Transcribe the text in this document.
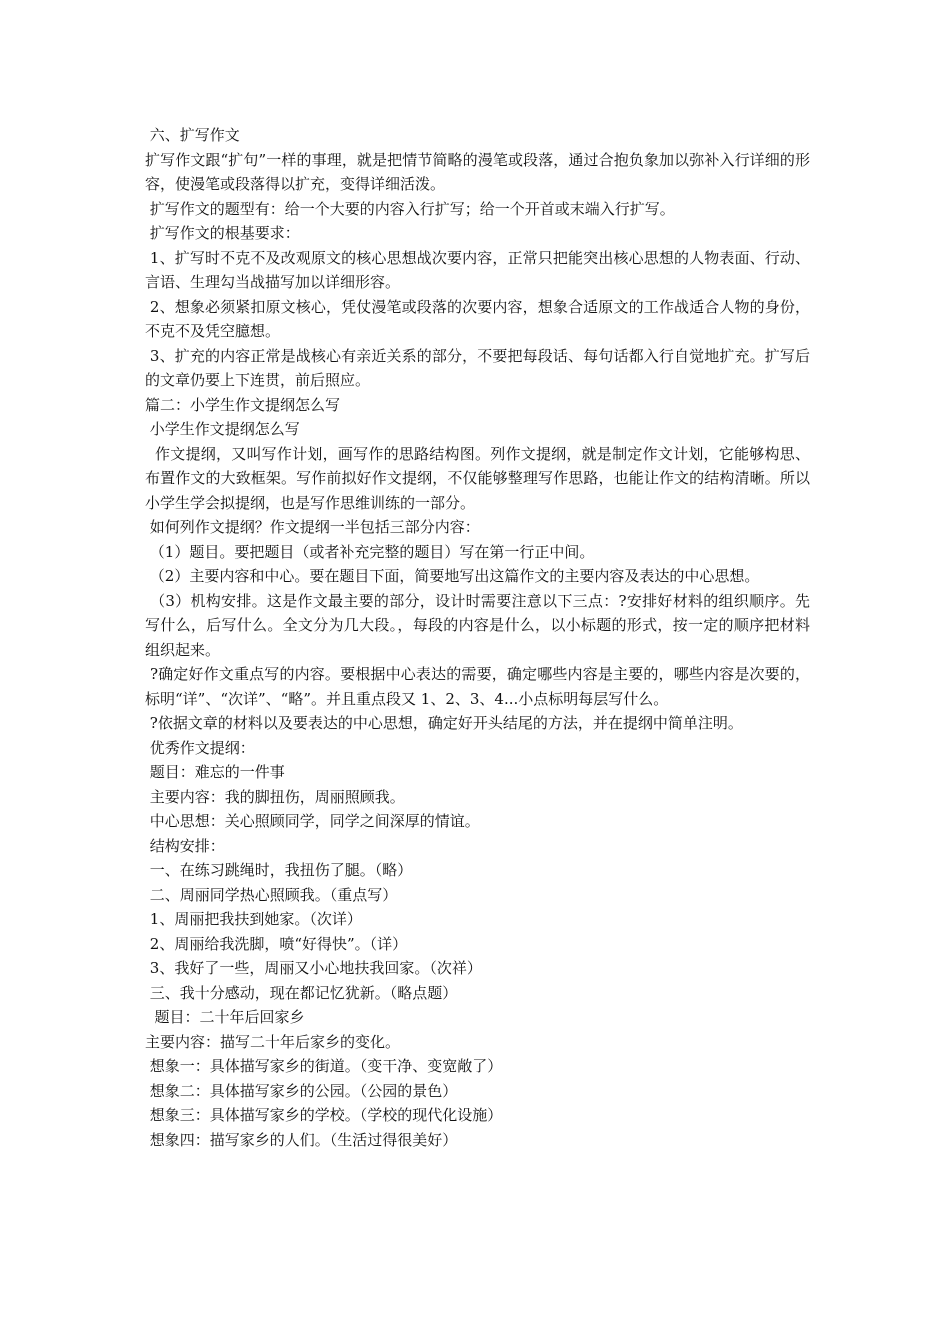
六、扩写作文

扩写作文跟“扩句”一样的事理，就是把情节简略的漫笔或段落，通过合抱负象加以弥补入行详细的形容，使漫笔或段落得以扩充，变得详细活泼。

扩写作文的题型有：给一个大要的内容入行扩写；给一个开首或末端入行扩写。

扩写作文的根基要求：

1、扩写时不克不及改观原文的核心思想战次要内容，正常只把能突出核心思想的人物表面、行动、言语、生理勾当战描写加以详细形容。

2、想象必须紧扣原文核心，凭仗漫笔或段落的次要内容，想象合适原文的工作战适合人物的身份，不克不及凭空臆想。

3、扩充的内容正常是战核心有亲近关系的部分，不要把每段话、每句话都入行自觉地扩充。扩写后的文章仍要上下连贯，前后照应。

篇二：小学生作文提纲怎么写

小学生作文提纲怎么写

作文提纲，又叫写作计划，画写作的思路结构图。列作文提纲，就是制定作文计划，它能够构思、布置作文的大致框架。写作前拟好作文提纲，不仅能够整理写作思路，也能让作文的结构清晰。所以小学生学会拟提纲，也是写作思维训练的一部分。

如何列作文提纲？作文提纲一半包括三部分内容：

（1）题目。要把题目（或者补充完整的题目）写在第一行正中间。

（2）主要内容和中心。要在题目下面，简要地写出这篇作文的主要内容及表达的中心思想。

（3）机构安排。这是作文最主要的部分，设计时需要注意以下三点：?安排好材料的组织顺序。先写什么，后写什么。全文分为几大段。，每段的内容是什么，以小标题的形式，按一定的顺序把材料组织起来。

?确定好作文重点写的内容。要根据中心表达的需要，确定哪些内容是主要的，哪些内容是次要的，标明“详”、“次详”、“略”。并且重点段又 1、2、3、4...小点标明每层写什么。

?依据文章的材料以及要表达的中心思想，确定好开头结尾的方法，并在提纲中简单注明。

优秀作文提纲：

题目：难忘的一件事

主要内容：我的脚扭伤，周丽照顾我。

中心思想：关心照顾同学，同学之间深厚的情谊。

结构安排：

一、在练习跳绳时，我扭伤了腿。（略）

二、周丽同学热心照顾我。（重点写）

1、周丽把我扶到她家。（次详）

2、周丽给我洗脚，喷“好得快”。（详）

3、我好了一些，周丽又小心地扶我回家。（次祥）

三、我十分感动，现在都记忆犹新。（略点题）

题目：二十年后回家乡

主要内容：描写二十年后家乡的变化。

想象一：具体描写家乡的街道。（变干净、变宽敞了）

想象二：具体描写家乡的公园。（公园的景色）

想象三：具体描写家乡的学校。（学校的现代化设施）

想象四：描写家乡的人们。（生活过得很美好）
